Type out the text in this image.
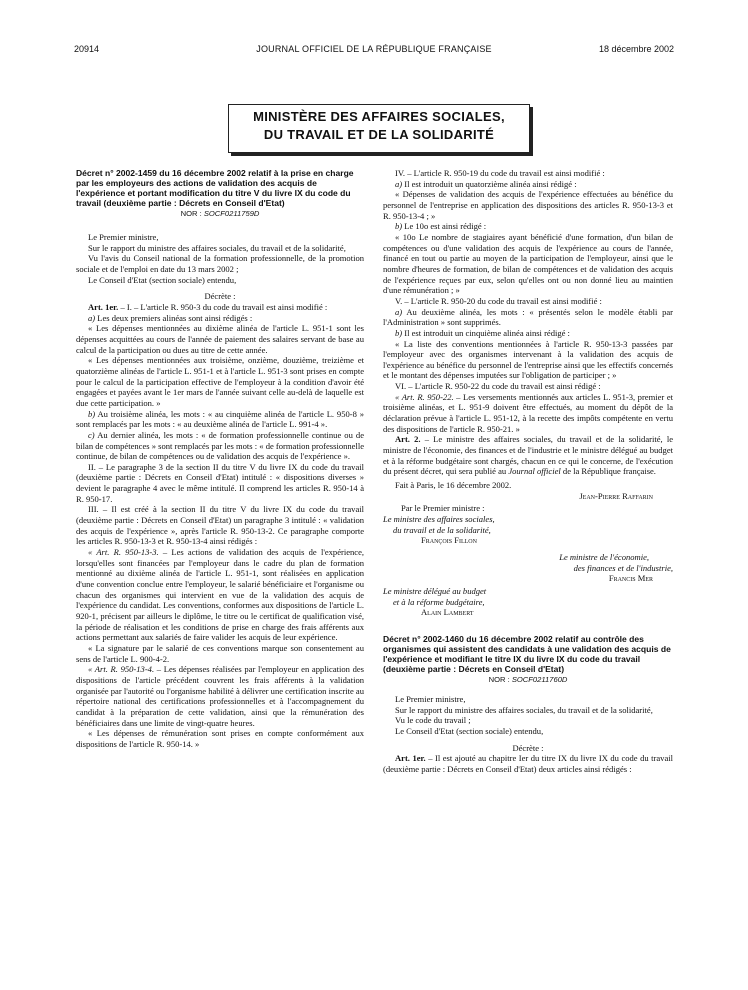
20914	JOURNAL OFFICIEL DE LA RÉPUBLIQUE FRANÇAISE	18 décembre 2002
MINISTÈRE DES AFFAIRES SOCIALES,
DU TRAVAIL ET DE LA SOLIDARITÉ

Décret n° 2002-1459 du 16 décembre 2002 relatif à la prise en charge par les employeurs des actions de validation des acquis de l'expérience et portant modification du titre V du livre IX du code du travail (deuxième partie : Décrets en Conseil d'Etat)

NOR : SOCF0211759D

Le Premier ministre,

Sur le rapport du ministre des affaires sociales, du travail et de la solidarité,

Vu l'avis du Conseil national de la formation professionnelle, de la promotion sociale et de l'emploi en date du 13 mars 2002 ;

Le Conseil d'Etat (section sociale) entendu,

Décrète :

Art. 1er. – I. – L'article R. 950-3 du code du travail est ainsi modifié :

a) Les deux premiers alinéas sont ainsi rédigés :

« Les dépenses mentionnées au dixième alinéa de l'article L. 951-1 sont les dépenses acquittées au cours de l'année de paiement des salaires servant de base au calcul de la participation ou dues au titre de cette année.

« Les dépenses mentionnées aux troisième, onzième, douzième, treizième et quatorzième alinéas de l'article L. 951-1 et à l'article L. 951-3 sont prises en compte pour le calcul de la participation effective de l'employeur à la condition d'avoir été engagées et payées avant le 1er mars de l'année suivant celle au-delà de laquelle est due cette participation. »

b) Au troisième alinéa, les mots : « au cinquième alinéa de l'article L. 950-8 » sont remplacés par les mots : « au deuxième alinéa de l'article L. 991-4 ».

c) Au dernier alinéa, les mots : « de formation professionnelle continue ou de bilan de compétences » sont remplacés par les mots : « de formation professionnelle continue, de bilan de compétences ou de validation des acquis de l'expérience ».

II. – Le paragraphe 3 de la section II du titre V du livre IX du code du travail (deuxième partie : Décrets en Conseil d'Etat) intitulé : « dispositions diverses » devient le paragraphe 4 avec le même intitulé. Il comprend les articles R. 950-14 à R. 950-17.

III. – Il est créé à la section II du titre V du livre IX du code du travail (deuxième partie : Décrets en Conseil d'Etat) un paragraphe 3 intitulé : « validation des acquis de l'expérience », après l'article R. 950-13-2. Ce paragraphe comporte les articles R. 950-13-3 et R. 950-13-4 ainsi rédigés :

« Art. R. 950-13-3. – Les actions de validation des acquis de l'expérience, lorsqu'elles sont financées par l'employeur dans le cadre du plan de formation mentionné au dixième alinéa de l'article L. 951-1, sont réalisées en application d'une convention conclue entre l'employeur, le salarié bénéficiaire et l'organisme ou chacun des organismes qui intervient en vue de la validation des acquis de l'expérience du candidat. Les conventions, conformes aux dispositions de l'article L. 920-1, précisent par ailleurs le diplôme, le titre ou le certificat de qualification visé, la période de réalisation et les conditions de prise en charge des frais afférents aux actions permettant aux salariés de faire valider les acquis de leur expérience.

« La signature par le salarié de ces conventions marque son consentement au sens de l'article L. 900-4-2.

« Art. R. 950-13-4. – Les dépenses réalisées par l'employeur en application des dispositions de l'article précédent couvrent les frais afférents à la validation organisée par l'autorité ou l'organisme habilité à délivrer une certification inscrite au répertoire national des certifications professionnelles et à l'accompagnement du candidat à la préparation de cette validation, ainsi que la rémunération des bénéficiaires dans une limite de vingt-quatre heures.

« Les dépenses de rémunération sont prises en compte conformément aux dispositions de l'article R. 950-14. »

IV. – L'article R. 950-19 du code du travail est ainsi modifié :

a) Il est introduit un quatorzième alinéa ainsi rédigé :

« Dépenses de validation des acquis de l'expérience effectuées au bénéfice du personnel de l'entreprise en application des dispositions des articles R. 950-13-3 et R. 950-13-4 ; »

b) Le 10o est ainsi rédigé :

« 10o Le nombre de stagiaires ayant bénéficié d'une formation, d'un bilan de compétences ou d'une validation des acquis de l'expérience au cours de l'année, financé en tout ou partie au moyen de la participation de l'employeur, ainsi que le nombre d'heures de formation, de bilan de compétences et de validation des acquis de l'expérience reçues par eux, selon qu'elles ont ou non donné lieu au maintien d'une rémunération ; »

V. – L'article R. 950-20 du code du travail est ainsi modifié :

a) Au deuxième alinéa, les mots : « présentés selon le modèle établi par l'Administration » sont supprimés.

b) Il est introduit un cinquième alinéa ainsi rédigé :

« La liste des conventions mentionnées à l'article R. 950-13-3 passées par l'employeur avec des organismes intervenant à la validation des acquis de l'expérience au bénéfice du personnel de l'entreprise ainsi que les effectifs concernés et le montant des dépenses imputées sur l'obligation de participer ; »

VI. – L'article R. 950-22 du code du travail est ainsi rédigé :

« Art. R. 950-22. – Les versements mentionnés aux articles L. 951-3, premier et troisième alinéas, et L. 951-9 doivent être effectués, au moment du dépôt de la déclaration prévue à l'article L. 951-12, à la recette des impôts compétente en vertu des dispositions de l'article R. 950-21. »

Art. 2. – Le ministre des affaires sociales, du travail et de la solidarité, le ministre de l'économie, des finances et de l'industrie et le ministre délégué au budget et à la réforme budgétaire sont chargés, chacun en ce qui le concerne, de l'exécution du présent décret, qui sera publié au Journal officiel de la République française.

Fait à Paris, le 16 décembre 2002.

Jean-Pierre Raffarin

Par le Premier ministre :

Le ministre des affaires sociales,

du travail et de la solidarité,

François Fillon

Le ministre de l'économie,

des finances et de l'industrie,

Francis Mer

Le ministre délégué au budget

et à la réforme budgétaire,

Alain Lambert

Décret n° 2002-1460 du 16 décembre 2002 relatif au contrôle des organismes qui assistent des candidats à une validation des acquis de l'expérience et modifiant le titre IX du livre IX du code du travail (deuxième partie : Décrets en Conseil d'Etat)

NOR : SOCF0211760D

Le Premier ministre,

Sur le rapport du ministre des affaires sociales, du travail et de la solidarité,

Vu le code du travail ;

Le Conseil d'Etat (section sociale) entendu,

Décrète :

Art. 1er. – Il est ajouté au chapitre Ier du titre IX du livre IX du code du travail (deuxième partie : Décrets en Conseil d'Etat) deux articles ainsi rédigés :
